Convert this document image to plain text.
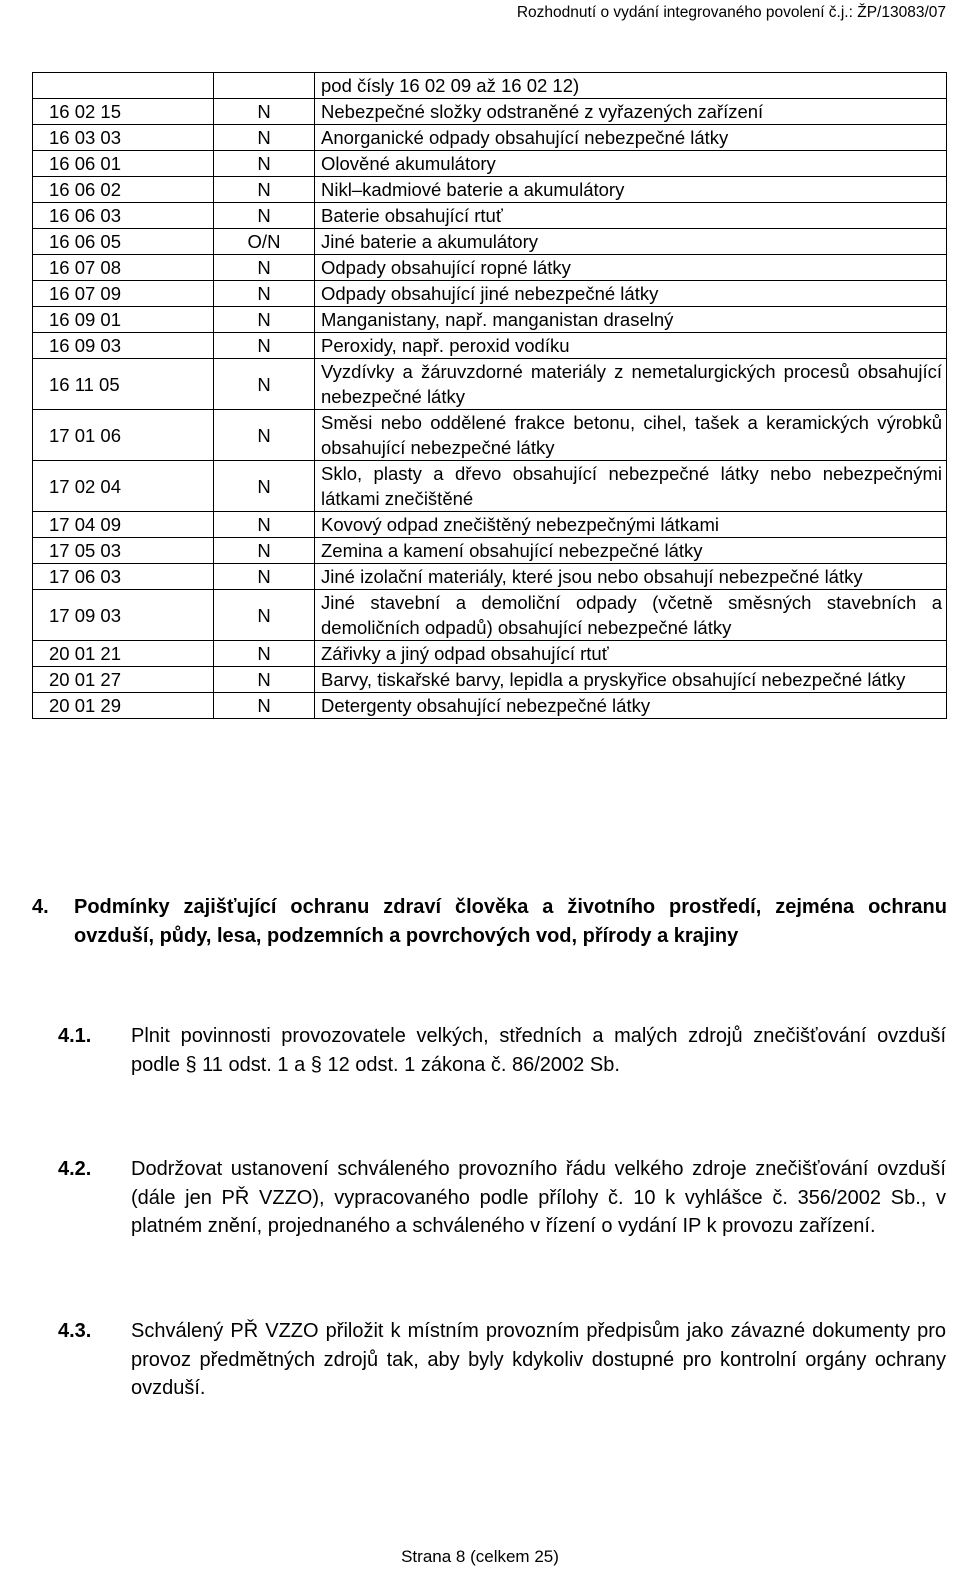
Rozhodnutí o vydání integrovaného povolení č.j.: ŽP/13083/07
		pod čísly 16 02 09 až 16 02 12)
16 02 15	N	Nebezpečné složky odstraněné z vyřazených zařízení
16 03 03	N	Anorganické odpady obsahující nebezpečné látky
16 06 01	N	Olověné akumulátory
16 06 02	N	Nikl–kadmiové baterie a akumulátory
16 06 03	N	Baterie obsahující rtuť
16 06 05	O/N	Jiné baterie a akumulátory
16 07 08	N	Odpady obsahující ropné látky
16 07 09	N	Odpady obsahující jiné nebezpečné látky
16 09 01	N	Manganistany, např. manganistan draselný
16 09 03	N	Peroxidy, např. peroxid vodíku
16 11 05	N	Vyzdívky a žáruvzdorné materiály z nemetalurgických procesů obsahující nebezpečné látky
17 01 06	N	Směsi nebo oddělené frakce betonu, cihel, tašek a keramických výrobků obsahující nebezpečné látky
17 02 04	N	Sklo, plasty a dřevo obsahující nebezpečné látky nebo nebezpečnými látkami znečištěné
17 04 09	N	Kovový odpad znečištěný nebezpečnými látkami
17 05 03	N	Zemina a kamení obsahující nebezpečné látky
17 06 03	N	Jiné izolační materiály, které jsou nebo obsahují nebezpečné látky
17 09 03	N	Jiné stavební a demoliční odpady (včetně směsných stavebních a demoličních odpadů) obsahující nebezpečné látky
20 01 21	N	Zářivky a jiný odpad obsahující rtuť
20 01 27	N	Barvy, tiskařské barvy, lepidla a pryskyřice obsahující nebezpečné látky
20 01 29	N	Detergenty obsahující nebezpečné látky
4. Podmínky zajišťující ochranu zdraví člověka a životního prostředí, zejména ochranu ovzduší, půdy, lesa, podzemních a povrchových vod, přírody a krajiny
4.1. Plnit povinnosti provozovatele velkých, středních a malých zdrojů znečišťování ovzduší podle § 11 odst. 1 a § 12 odst. 1 zákona č. 86/2002 Sb.
4.2. Dodržovat ustanovení schváleného provozního řádu velkého zdroje znečišťování ovzduší (dále jen PŘ VZZO), vypracovaného podle přílohy č. 10 k vyhlášce č. 356/2002 Sb., v platném znění, projednaného a schváleného v řízení o vydání IP k provozu zařízení.
4.3. Schválený PŘ VZZO přiložit k místním provozním předpisům jako závazné dokumenty pro provoz předmětných zdrojů tak, aby byly kdykoliv dostupné pro kontrolní orgány ochrany ovzduší.
Strana 8 (celkem 25)
